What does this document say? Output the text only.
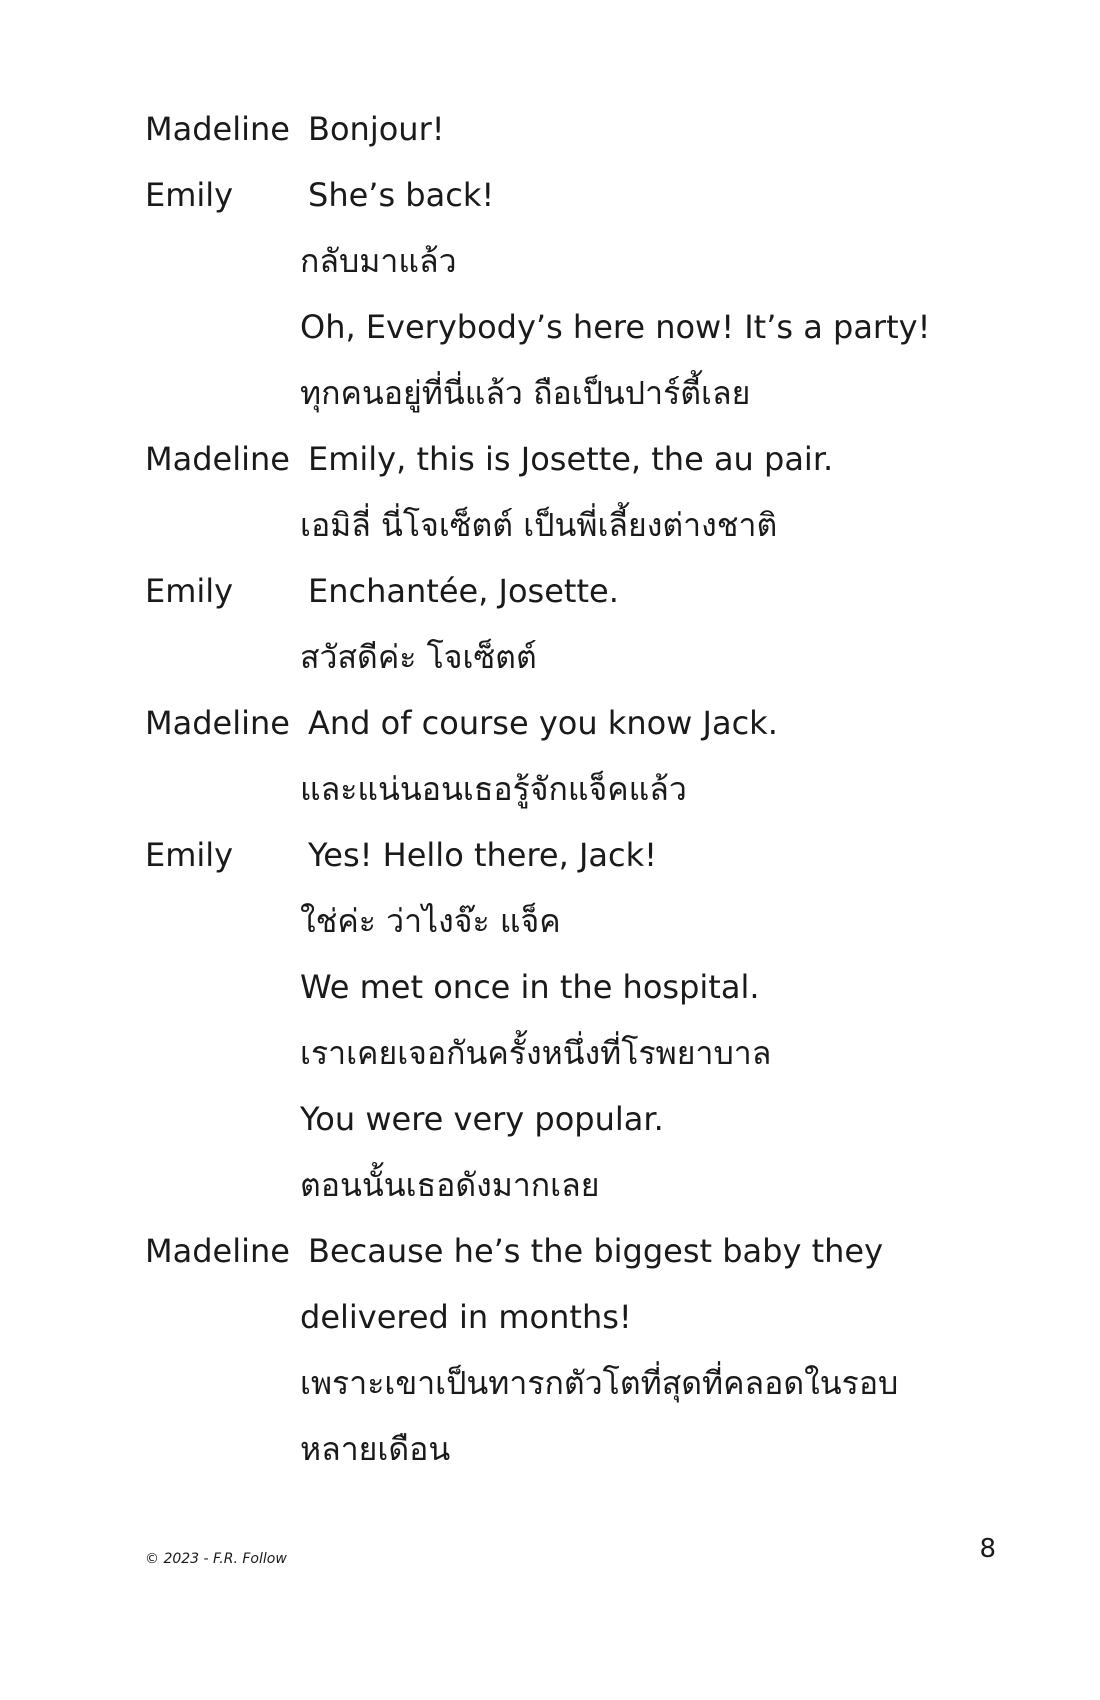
Madeline Bonjour!
Emily She’s back!
กลับมาแล้ว
Oh, Everybody’s here now! It’s a party!
ทุกคนอยู่ที่นี่แล้ว ถือเป็นปาร์ตี้เลย
Madeline Emily, this is Josette, the au pair.
เอมิลี่ นี่โจเซ็ตต์ เป็นพี่เลี้ยงต่างชาติ
Emily Enchantée, Josette.
สวัสดีค่ะ โจเซ็ตต์
Madeline And of course you know Jack.
และแน่นอนเธอรู้จักแจ็คแล้ว
Emily Yes! Hello there, Jack!
ใช่ค่ะ ว่าไงจ๊ะ แจ็ค
We met once in the hospital.
เราเคยเจอกันครั้งหนึ่งที่โรพยาบาล
You were very popular.
ตอนนั้นเธอดังมากเลย
Madeline Because he’s the biggest baby they
delivered in months!
เพราะเขาเป็นทารกตัวโตที่สุดที่คลอดในรอบ
หลายเดือน
© 2023 - F.R. Follow	8
